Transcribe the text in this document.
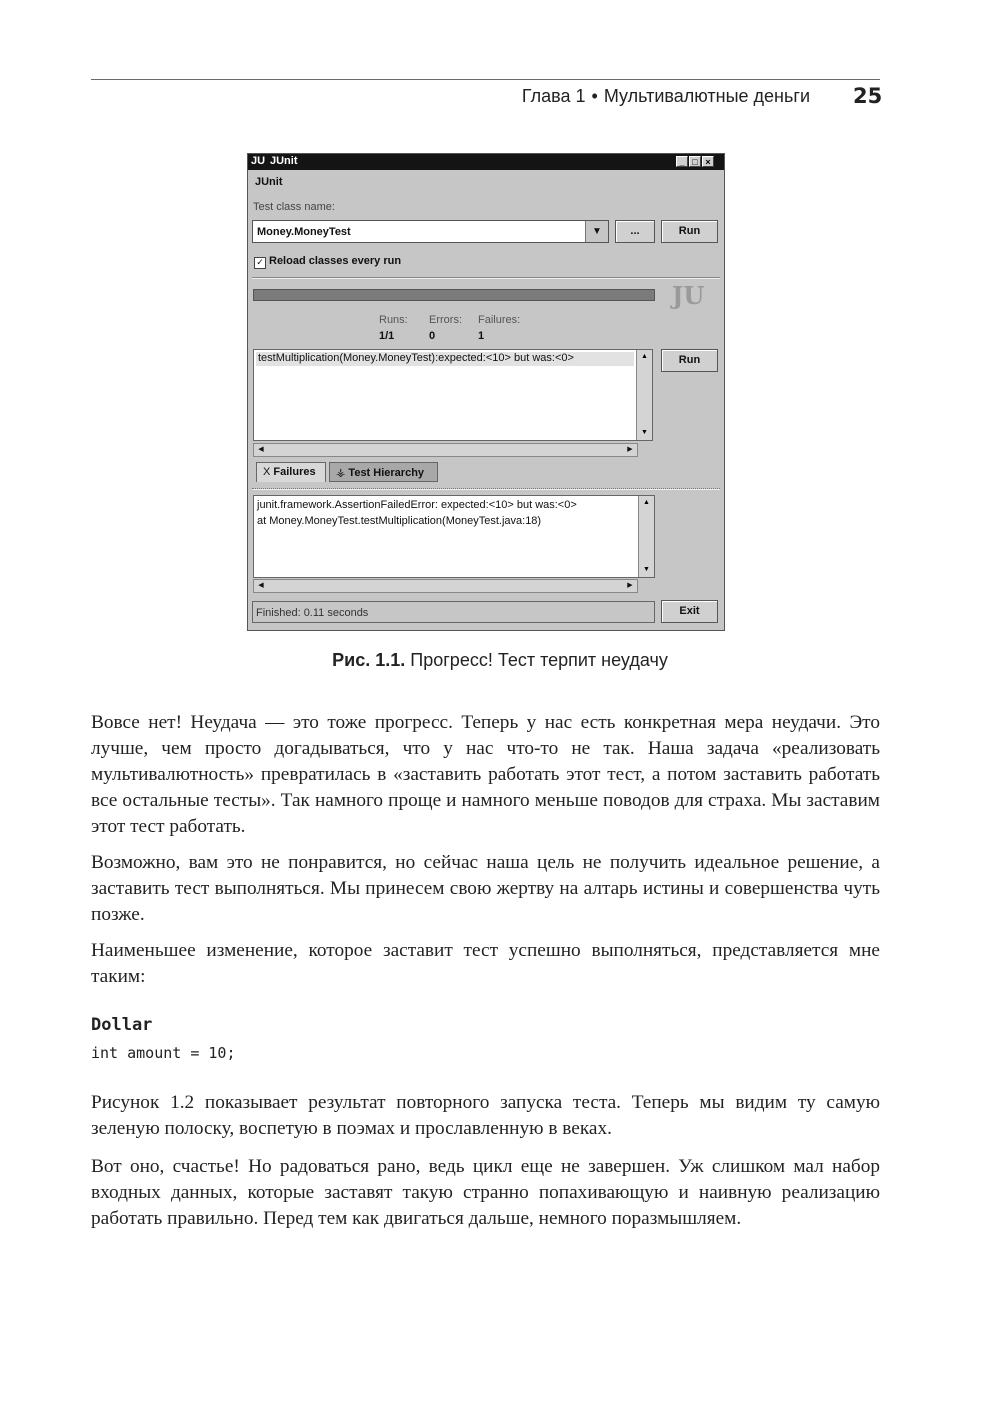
Глава 1 • Мультивалютные деньги 25
JU JUnit	_ □ ×
JUnit
Test class name:
Money.MoneyTest	▼	...	Run
✓ Reload classes every run
JU
Runs:
1/1
Errors:
0
Failures:
1
testMultiplication(Money.MoneyTest):expected:<10> but was:<0>	▲
▼
◀	▶
Run
X Failures	⚶ Test Hierarchy
junit.framework.AssertionFailedError: expected:<10> but was:<0>
at Money.MoneyTest.testMultiplication(MoneyTest.java:18)
▲
▼
◀	▶
Finished: 0.11 seconds	Exit
Рис. 1.1. Прогресс! Тест терпит неудачу

Вовсе нет! Неудача — это тоже прогресс. Теперь у нас есть конкретная мера неудачи. Это лучше, чем просто догадываться, что у нас что-то не так. Наша задача «реализовать мультивалютность» превратилась в «заставить работать этот тест, а потом заставить работать все остальные тесты». Так намного проще и намного меньше поводов для страха. Мы заставим этот тест работать.

Возможно, вам это не понравится, но сейчас наша цель не получить идеальное решение, а заставить тест выполняться. Мы принесем свою жертву на алтарь истины и совершенства чуть позже.

Наименьшее изменение, которое заставит тест успешно выполняться, представляется мне таким:

Dollar
int amount = 10;

Рисунок 1.2 показывает результат повторного запуска теста. Теперь мы видим ту самую зеленую полоску, воспетую в поэмах и прославленную в веках.

Вот оно, счастье! Но радоваться рано, ведь цикл еще не завершен. Уж слишком мал набор входных данных, которые заставят такую странно попахивающую и наивную реализацию работать правильно. Перед тем как двигаться дальше, немного поразмышляем.
